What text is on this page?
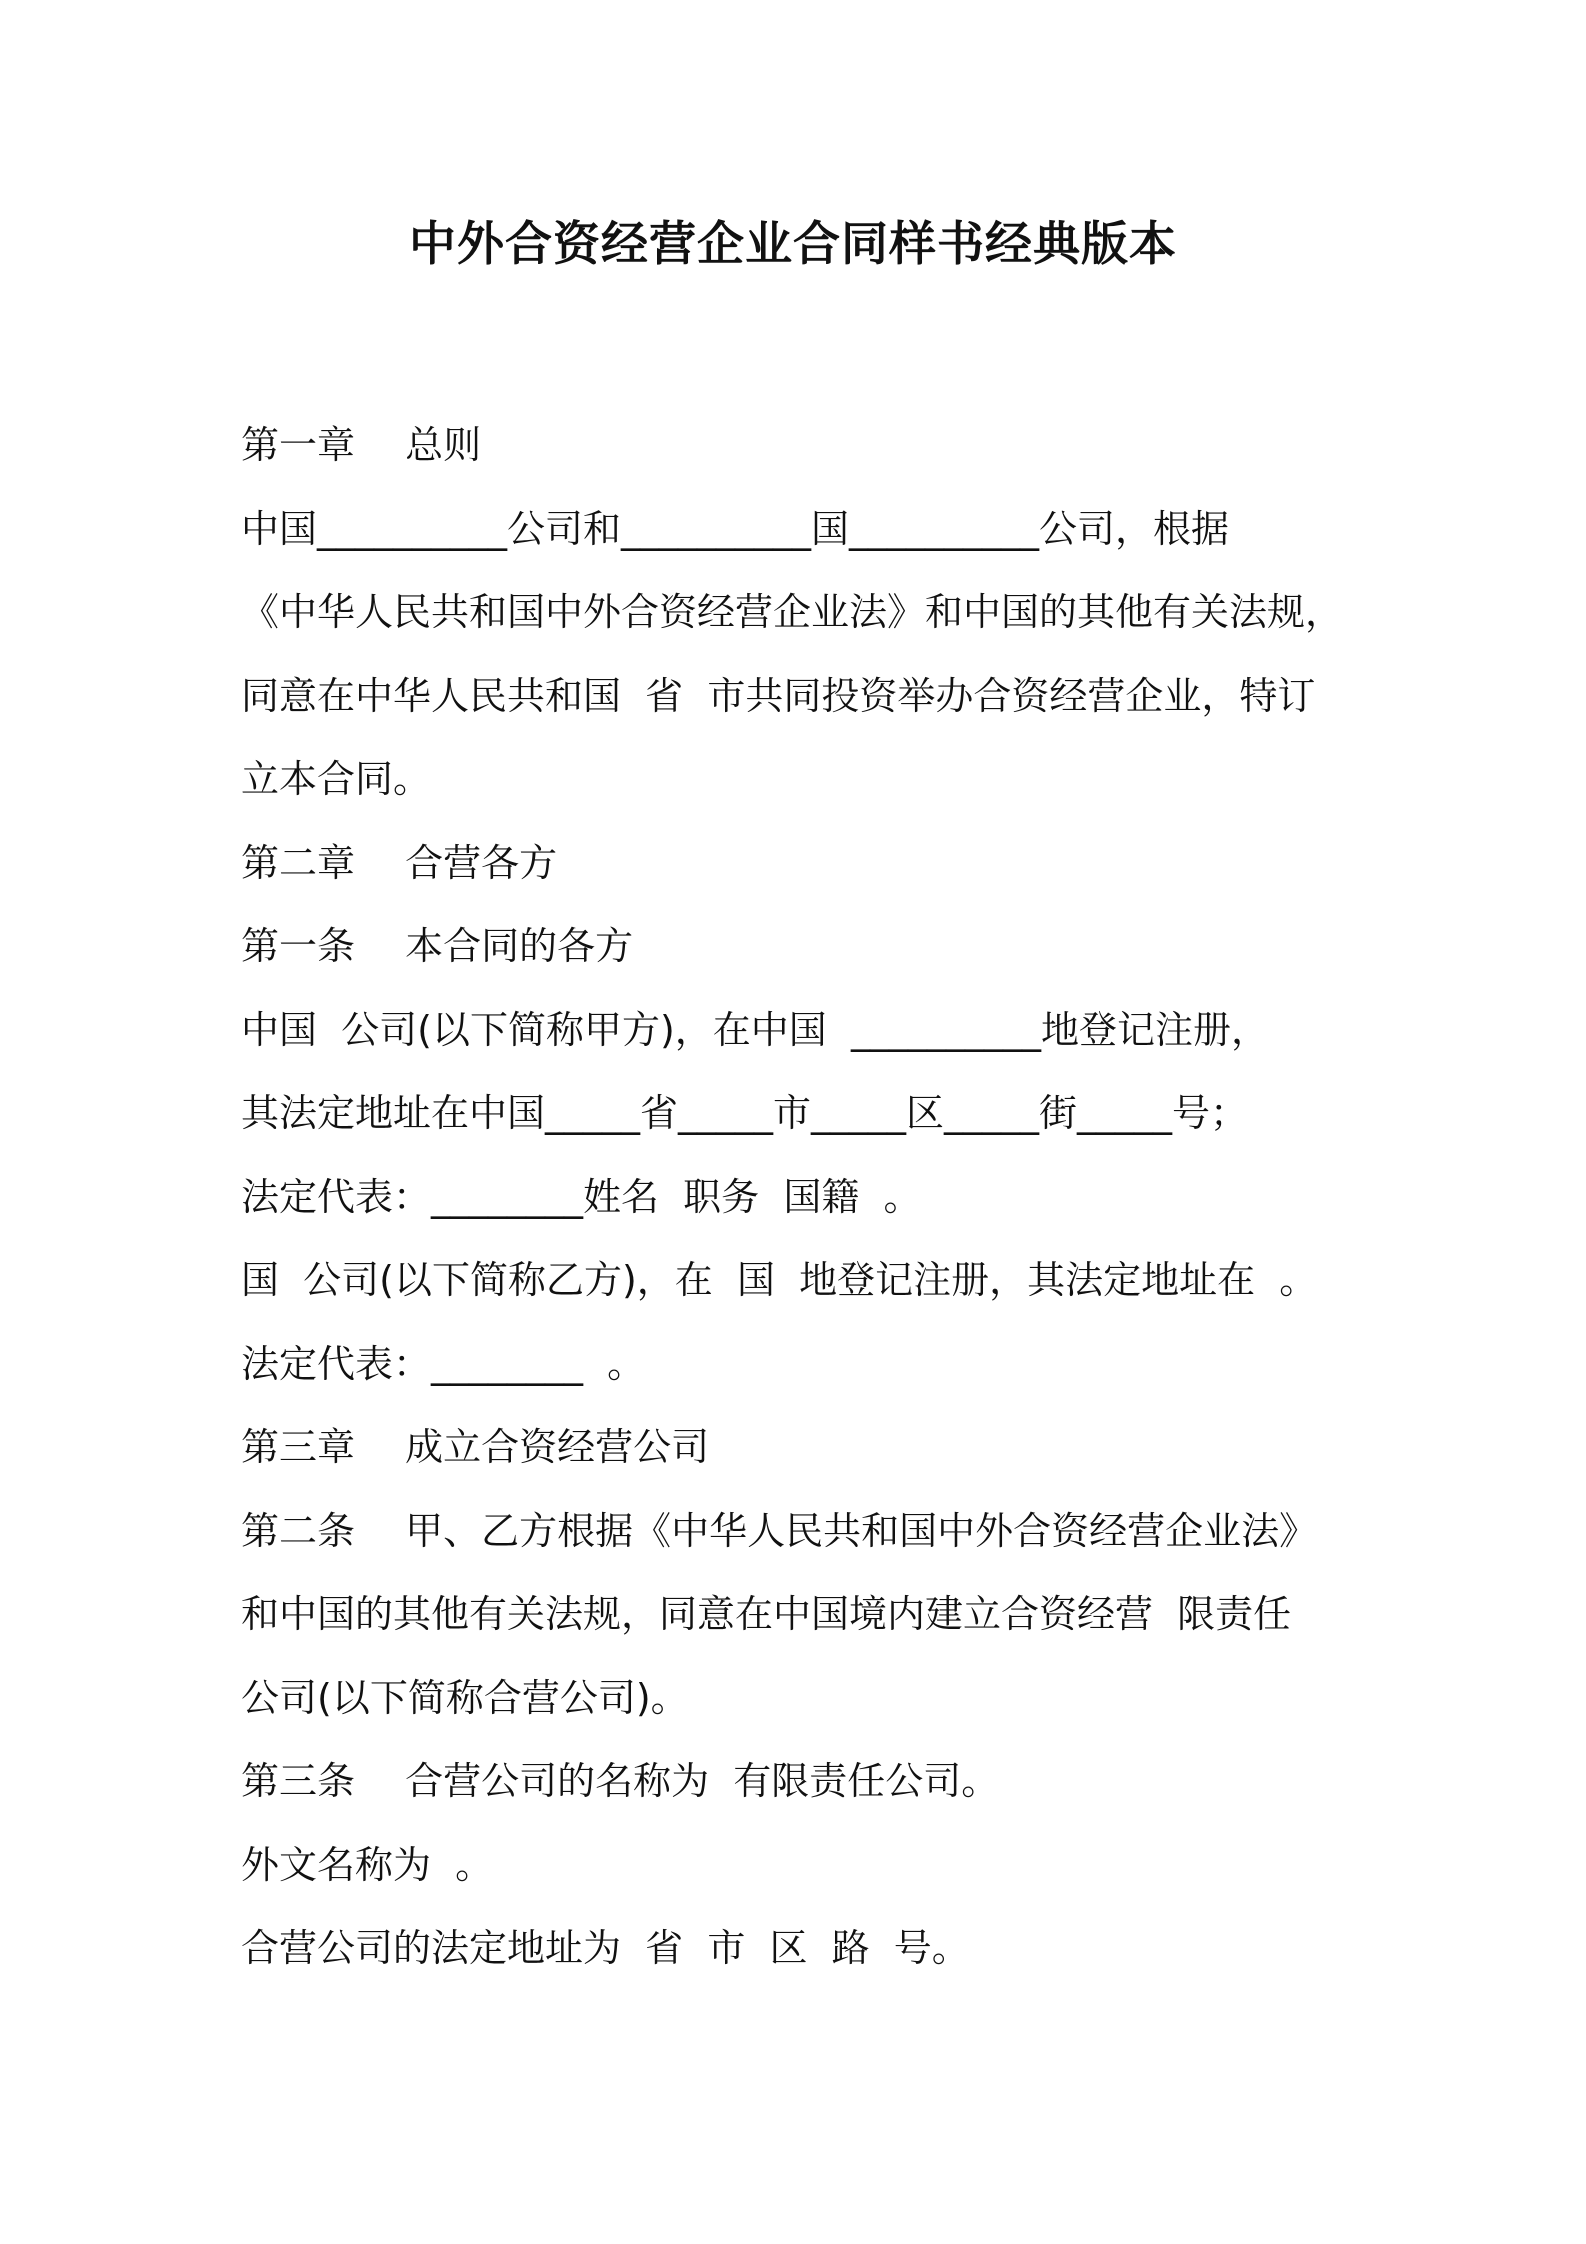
中外合资经营企业合同样书经典版本
第一章　 总则
中国__________公司和__________国__________公司，根据
《中华人民共和国中外合资经营企业法》和中国的其他有关法规，
同意在中华人民共和国  省  市共同投资举办合资经营企业，特订
立本合同。
第二章　 合营各方
第一条　 本合同的各方
中国  公司(以下简称甲方)，在中国  __________地登记注册，
其法定地址在中国_____省_____市_____区_____街_____号；
法定代表：________姓名  职务  国籍  。
国  公司(以下简称乙方)，在  国  地登记注册，其法定地址在  。
法定代表：________  。
第三章　 成立合资经营公司
第二条　 甲、乙方根据《中华人民共和国中外合资经营企业法》
和中国的其他有关法规，同意在中国境内建立合资经营  限责任
公司(以下简称合营公司)。
第三条　 合营公司的名称为  有限责任公司。
外文名称为  。
合营公司的法定地址为  省  市  区  路  号。
